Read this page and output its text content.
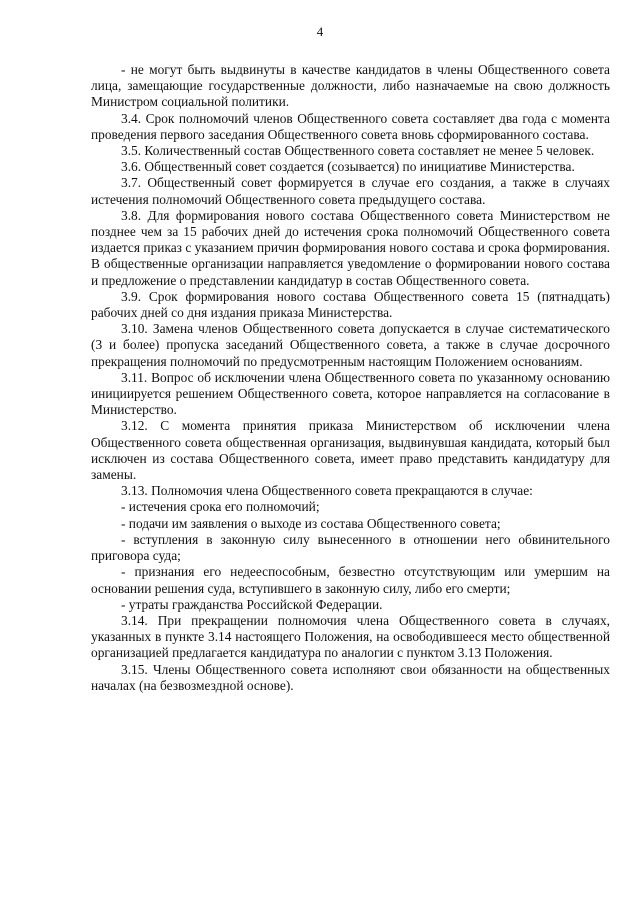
4

- не могут быть выдвинуты в качестве кандидатов в члены Общественного совета лица, замещающие государственные должности, либо назначаемые на свою должность Министром социальной политики.

3.4. Срок полномочий членов Общественного совета составляет два года с момента проведения первого заседания Общественного совета вновь сформированного состава.

3.5. Количественный состав Общественного совета составляет не менее 5 человек.

3.6. Общественный совет создается (созывается) по инициативе Министерства.

3.7. Общественный совет формируется в случае его создания, а также в случаях истечения полномочий Общественного совета предыдущего состава.

3.8. Для формирования нового состава Общественного совета Министерством не позднее чем за 15 рабочих дней до истечения срока полномочий Общественного совета издается приказ с указанием причин формирования нового состава и срока формирования. В общественные организации направляется уведомление о формировании нового состава и предложение о представлении кандидатур в состав Общественного совета.

3.9. Срок формирования нового состава Общественного совета 15 (пятнадцать) рабочих дней со дня издания приказа Министерства.

3.10. Замена членов Общественного совета допускается в случае систематического (3 и более) пропуска заседаний Общественного совета, а также в случае досрочного прекращения полномочий по предусмотренным настоящим Положением основаниям.

3.11. Вопрос об исключении члена Общественного совета по указанному основанию инициируется решением Общественного совета, которое направляется на согласование в Министерство.

3.12. С момента принятия приказа Министерством об исключении члена Общественного совета общественная организация, выдвинувшая кандидата, который был исключен из состава Общественного совета, имеет право представить кандидатуру для замены.

3.13. Полномочия члена Общественного совета прекращаются в случае:

- истечения срока его полномочий;

- подачи им заявления о выходе из состава Общественного совета;

- вступления в законную силу вынесенного в отношении него обвинительного приговора суда;

- признания его недееспособным, безвестно отсутствующим или умершим на основании решения суда, вступившего в законную силу, либо его смерти;

- утраты гражданства Российской Федерации.

3.14. При прекращении полномочия члена Общественного совета в случаях, указанных в пункте 3.14 настоящего Положения, на освободившееся место общественной организацией предлагается кандидатура по аналогии с пунктом 3.13 Положения.

3.15. Члены Общественного совета исполняют свои обязанности на общественных началах (на безвозмездной основе).
